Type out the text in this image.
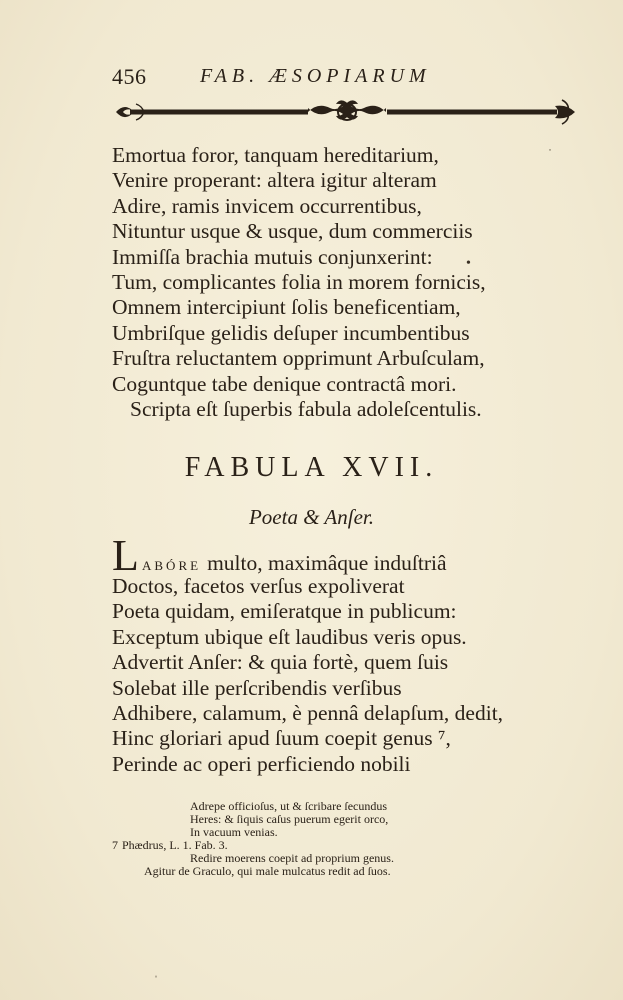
456	FAB. ÆSOPIARUM
Emortua foror, tanquam hereditarium,
Venire properant: altera igitur alteram
Adire, ramis invicem occurrentibus,
Nituntur usque & usque, dum commerciis
Immiſſa brachia mutuis conjunxerint:
Tum, complicantes folia in morem fornicis,
Omnem intercipiunt ſolis beneficentiam,
Umbriſque gelidis deſuper incumbentibus
Fruſtra reluctantem opprimunt Arbuſculam,
Coguntque tabe denique contractâ mori.
Scripta eſt ſuperbis fabula adoleſcentulis.
FABULA XVII.
Poeta & Anſer.
L ABÓRE multo, maximâque induſtriâ
Doctos, facetos verſus expoliverat
Poeta quidam, emiſeratque in publicum:
Exceptum ubique eſt laudibus veris opus.
Advertit Anſer: & quia fortè, quem ſuis
Solebat ille perſcribendis verſibus
Adhibere, calamum, è pennâ delapſum, dedit,
Hinc gloriari apud ſuum coepit genus ⁷,
Perinde ac operi perficiendo nobili
Adrepe officioſus, ut & ſcribare ſecundus
Heres: & ſiquis caſus puerum egerit orco,
In vacuum venias.
7 Phædrus, L. 1. Fab. 3.
Redire moerens coepit ad proprium genus.
Agitur de Graculo, qui male mulcatus redit ad ſuos.
˙
•
ˌ
